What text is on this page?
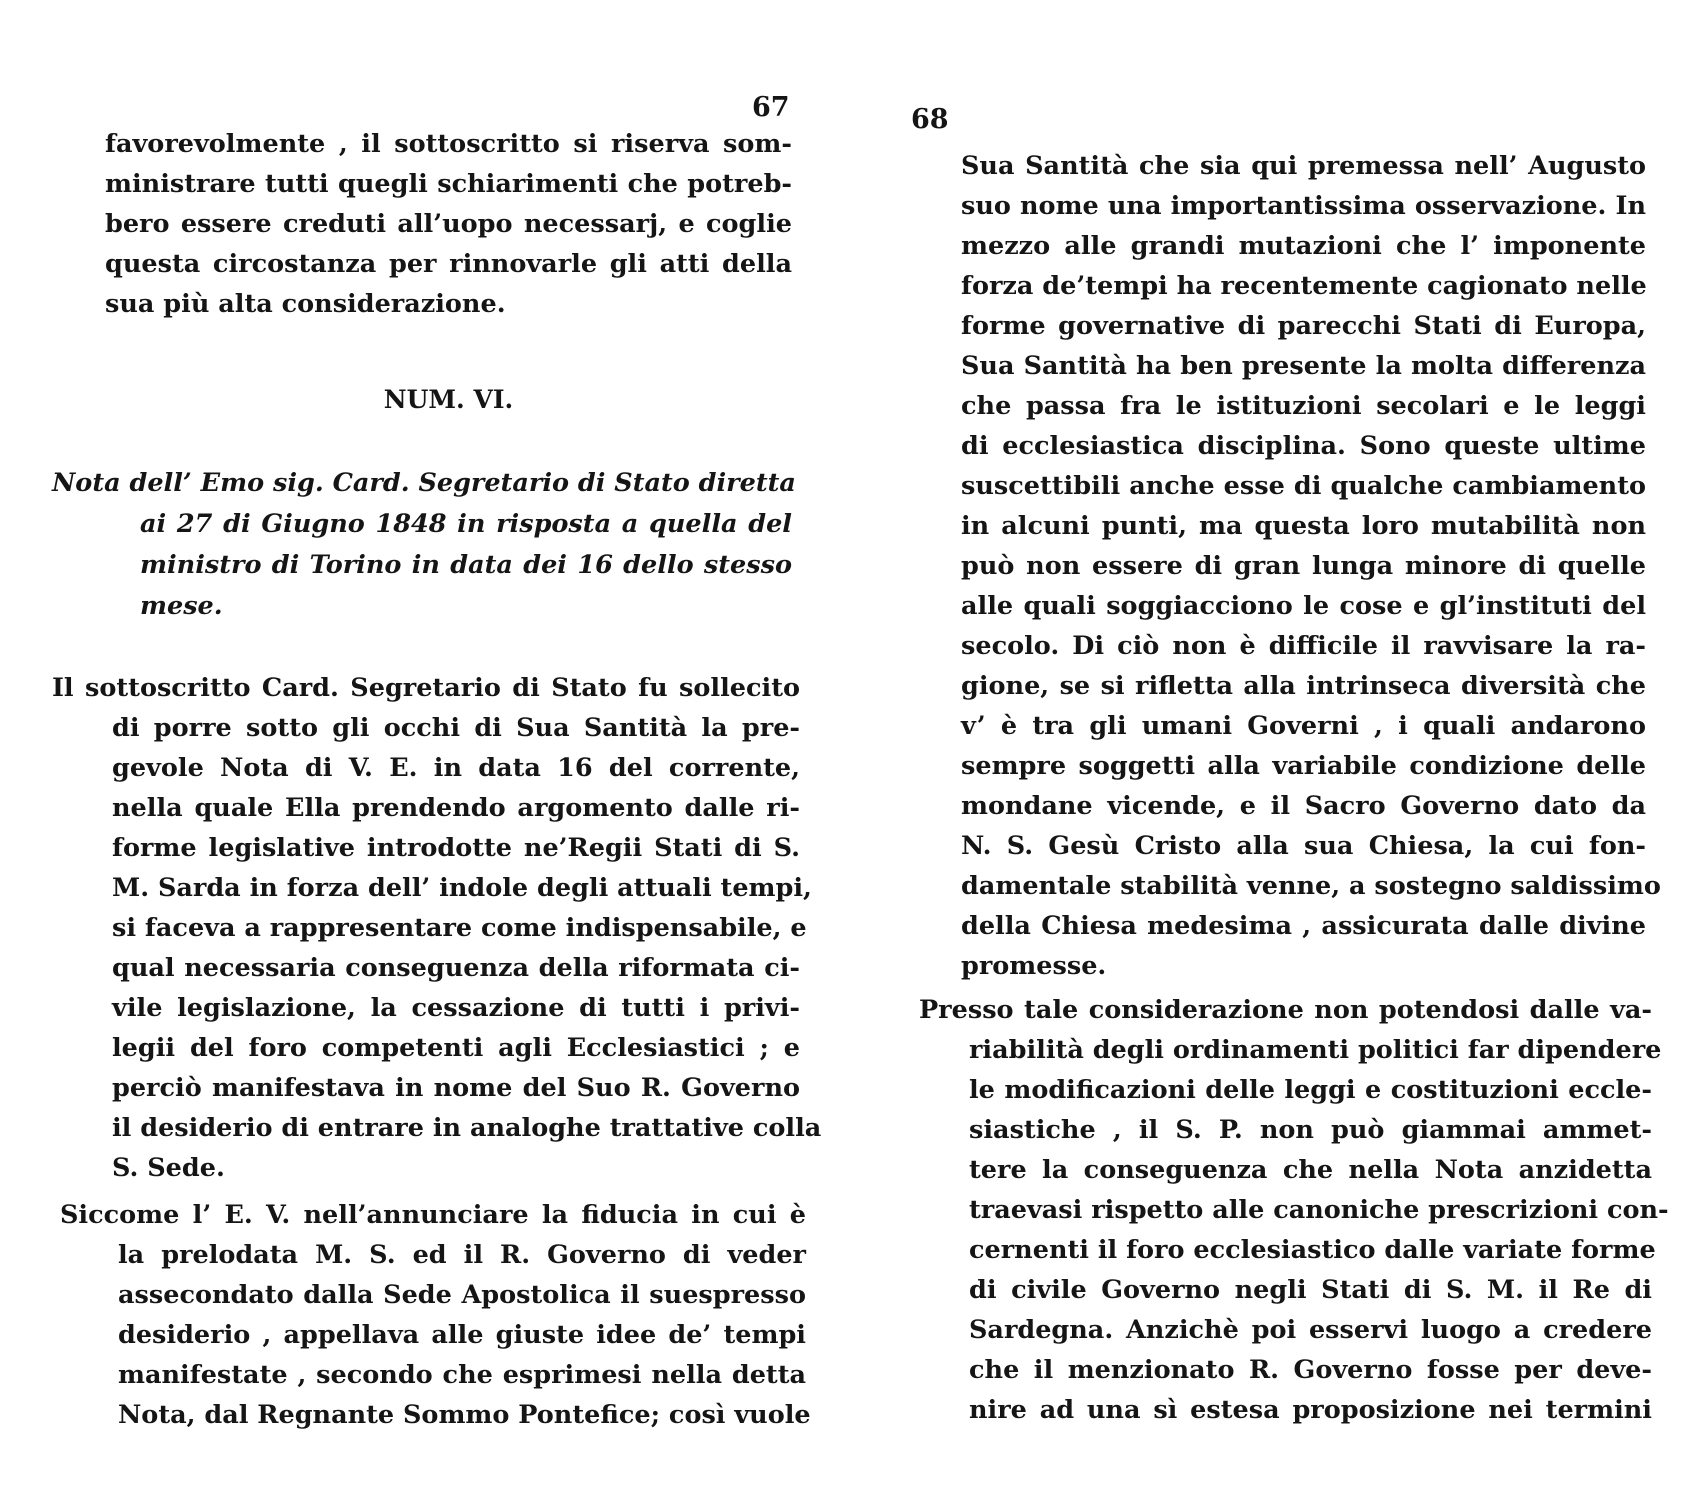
67
favorevolmente , il sottoscritto si riserva som-
ministrare tutti quegli schiarimenti che potreb-
bero essere creduti all’uopo necessarj, e coglie
questa circostanza per rinnovarle gli atti della
sua più alta considerazione.
NUM. VI.
Nota dell’ Emo sig. Card. Segretario di Stato diretta
ai 27 di Giugno 1848 in risposta a quella del
ministro di Torino in data dei 16 dello stesso
mese.
Il sottoscritto Card. Segretario di Stato fu sollecito
di porre sotto gli occhi di Sua Santità la pre-
gevole Nota di V. E. in data 16 del corrente,
nella quale Ella prendendo argomento dalle ri-
forme legislative introdotte ne’Regii Stati di S.
M. Sarda in forza dell’ indole degli attuali tempi,
si faceva a rappresentare come indispensabile, e
qual necessaria conseguenza della riformata ci-
vile legislazione, la cessazione di tutti i privi-
legii del foro competenti agli Ecclesiastici ; e
perciò manifestava in nome del Suo R. Governo
il desiderio di entrare in analoghe trattative colla
S. Sede.
Siccome l’ E. V. nell’annunciare la fiducia in cui è
la prelodata M. S. ed il R. Governo di veder
assecondato dalla Sede Apostolica il suespresso
desiderio , appellava alle giuste idee de’ tempi
manifestate , secondo che esprimesi nella detta
Nota, dal Regnante Sommo Pontefice; così vuole
68
Sua Santità che sia qui premessa nell’ Augusto
suo nome una importantissima osservazione. In
mezzo alle grandi mutazioni che l’ imponente
forza de’tempi ha recentemente cagionato nelle
forme governative di parecchi Stati di Europa,
Sua Santità ha ben presente la molta differenza
che passa fra le istituzioni secolari e le leggi
di ecclesiastica disciplina. Sono queste ultime
suscettibili anche esse di qualche cambiamento
in alcuni punti, ma questa loro mutabilità non
può non essere di gran lunga minore di quelle
alle quali soggiacciono le cose e gl’instituti del
secolo. Di ciò non è difficile il ravvisare la ra-
gione, se si rifletta alla intrinseca diversità che
v’ è tra gli umani Governi , i quali andarono
sempre soggetti alla variabile condizione delle
mondane vicende, e il Sacro Governo dato da
N. S. Gesù Cristo alla sua Chiesa, la cui fon-
damentale stabilità venne, a sostegno saldissimo
della Chiesa medesima , assicurata dalle divine
promesse.
Presso tale considerazione non potendosi dalle va-
riabilità degli ordinamenti politici far dipendere
le modificazioni delle leggi e costituzioni eccle-
siastiche , il S. P. non può giammai ammet-
tere la conseguenza che nella Nota anzidetta
traevasi rispetto alle canoniche prescrizioni con-
cernenti il foro ecclesiastico dalle variate forme
di civile Governo negli Stati di S. M. il Re di
Sardegna. Anzichè poi esservi luogo a credere
che il menzionato R. Governo fosse per deve-
nire ad una sì estesa proposizione nei termini
